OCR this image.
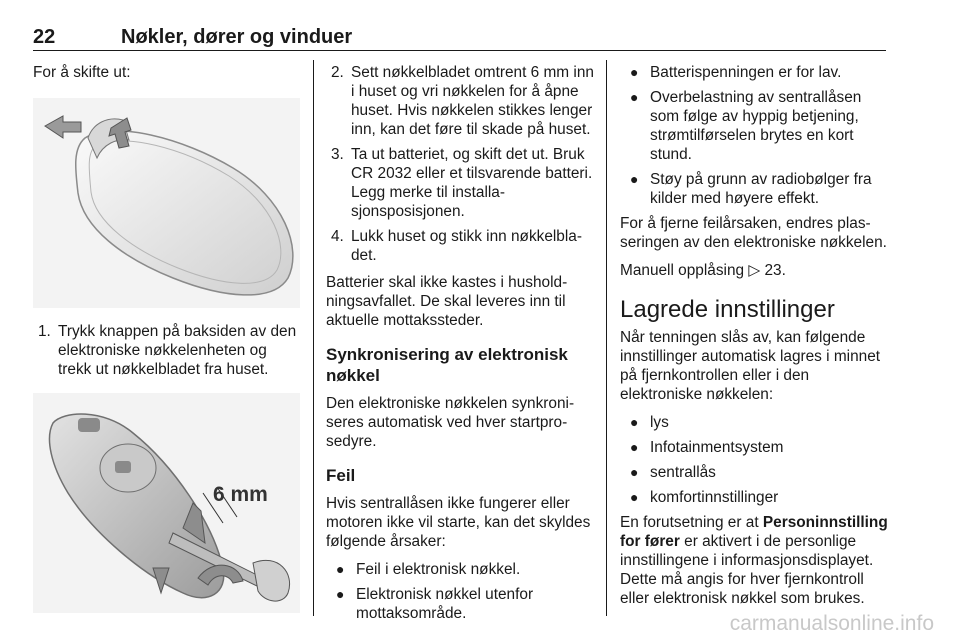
22	Nøkler, dører og vinduer

For å skifte ut:

1. Trykk knappen på baksiden av den elektroniske nøkkelenheten og trekk ut nøkkelbladet fra huset.
6 mm
2. Sett nøkkelbladet omtrent 6 mm inn i huset og vri nøkkelen for å åpne huset. Hvis nøkkelen stikkes lenger inn, kan det føre til skade på huset.
3. Ta ut batteriet, og skift det ut. Bruk CR 2032 eller et tilsvarende batteri. Legg merke til installasjonsposisjonen.
4. Lukk huset og stikk inn nøkkelbladet.

Batterier skal ikke kastes i husholdningsavfallet. De skal leveres inn til aktuelle mottakssteder.

Synkronisering av elektronisk nøkkel

Den elektroniske nøkkelen synkroniseres automatisk ved hver startprosedyre.

Feil

Hvis sentrallåsen ikke fungerer eller motoren ikke vil starte, kan det skyldes følgende årsaker:

● Feil i elektronisk nøkkel.
● Elektronisk nøkkel utenfor mottaksområde.
● Batterispenningen er for lav.
● Overbelastning av sentrallåsen som følge av hyppig betjening, strømtilførselen brytes en kort stund.
● Støy på grunn av radiobølger fra kilder med høyere effekt.

For å fjerne feilårsaken, endres plasseringen av den elektroniske nøkkelen.

Manuell opplåsing ▷ 23.

Lagrede innstillinger

Når tenningen slås av, kan følgende innstillinger automatisk lagres i minnet på fjernkontrollen eller i den elektroniske nøkkelen:

● lys
● Infotainmentsystem
● sentrallås
● komfortinnstillinger

En forutsetning er at Personinnstilling for fører er aktivert i de personlige innstillingene i informasjonsdisplayet. Dette må angis for hver fjernkontroll eller elektronisk nøkkel som brukes.

carmanualsonline.info
